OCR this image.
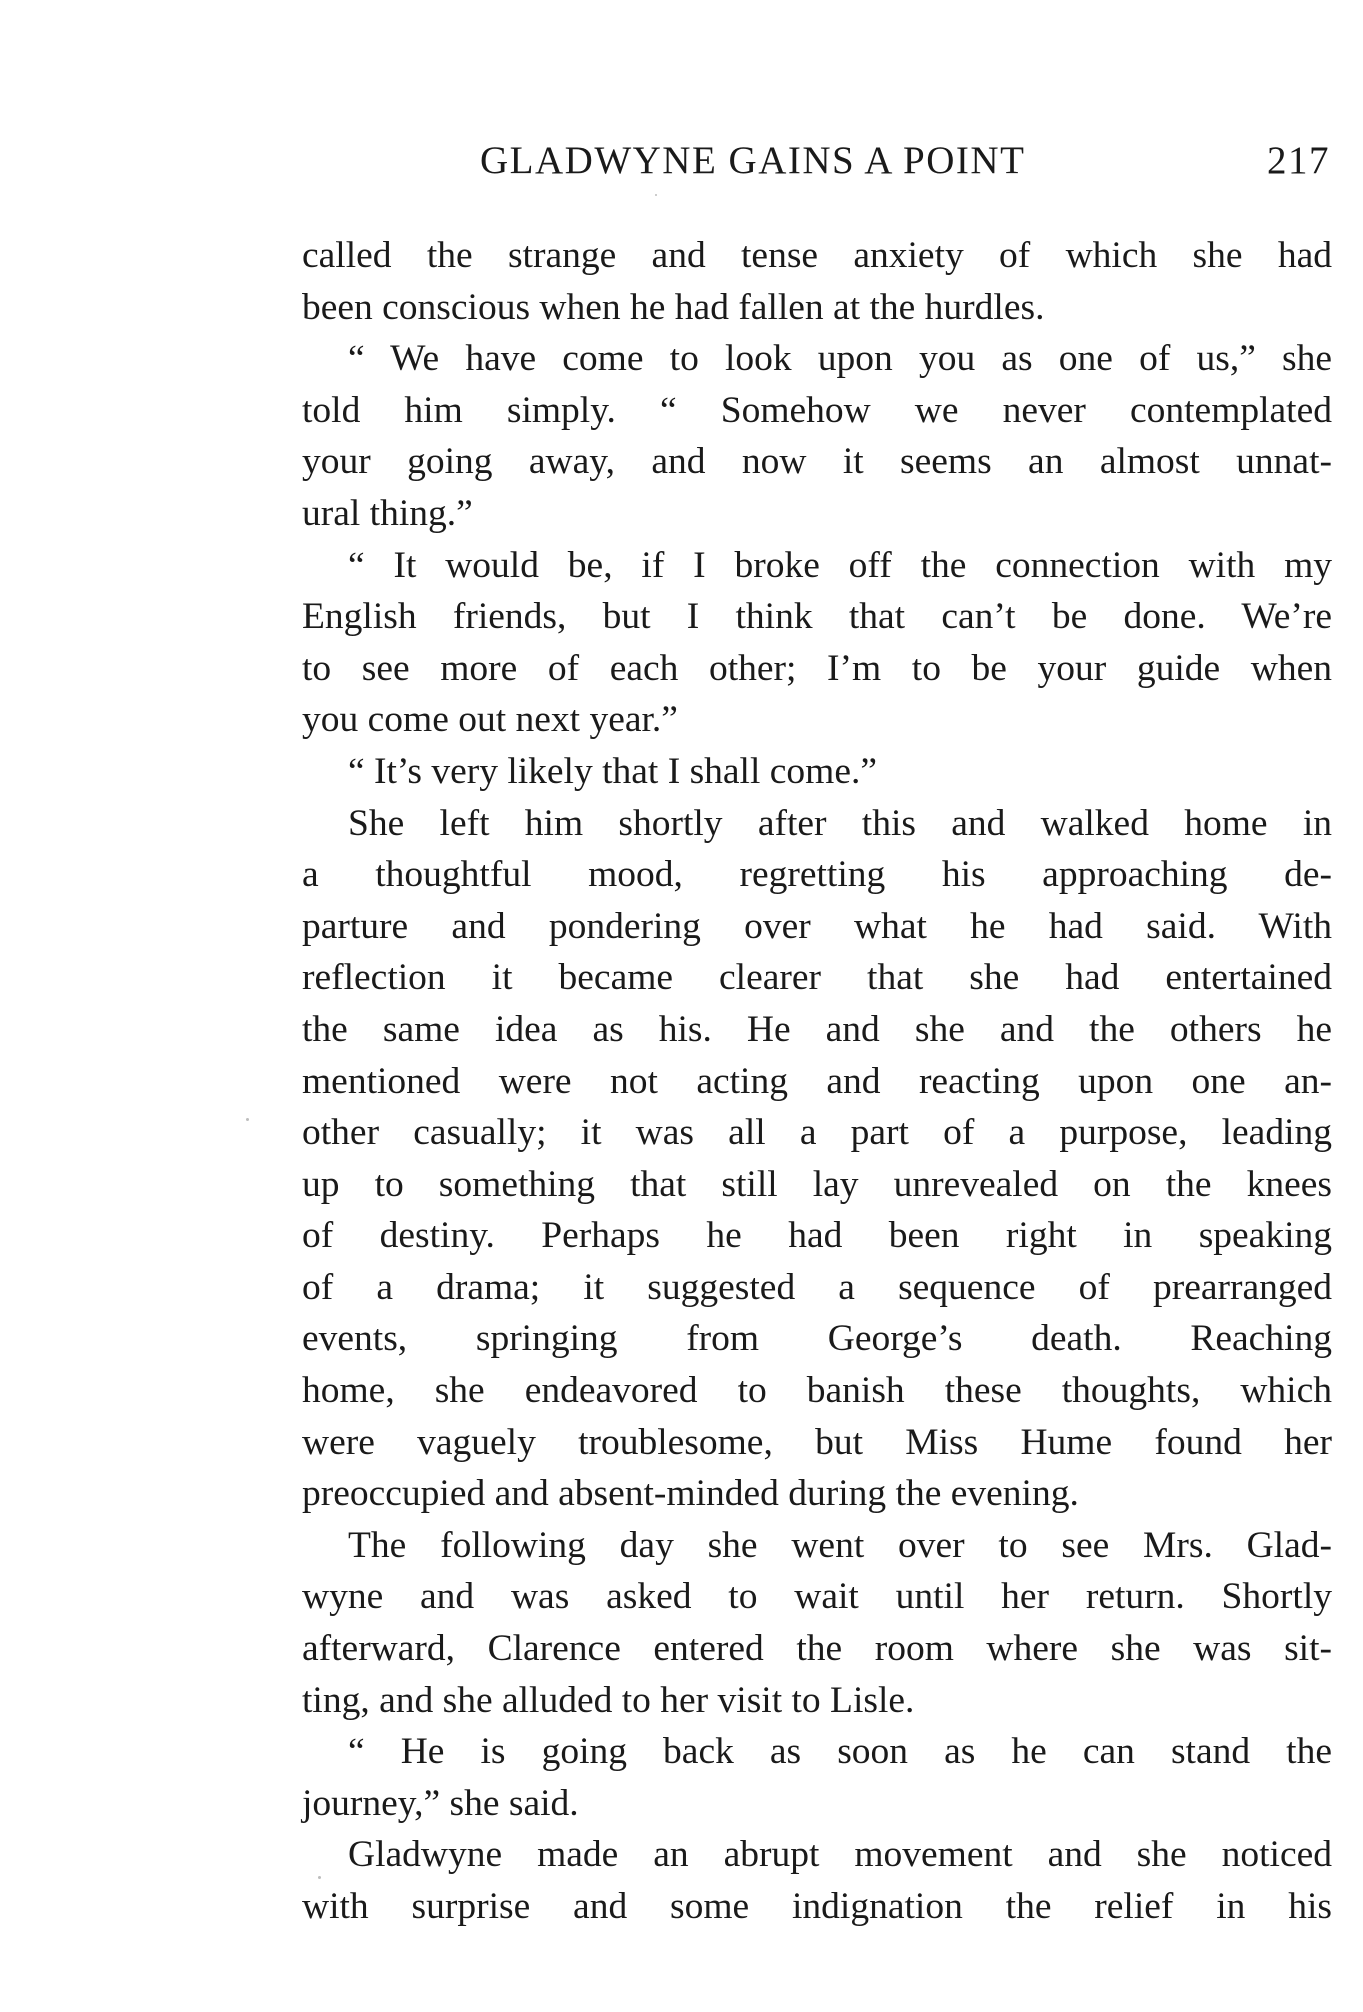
GLADWYNE GAINS A POINT	217
called the strange and tense anxiety of which she had
been conscious when he had fallen at the hurdles.
“ We have come to look upon you as one of us,” she
told him simply. “ Somehow we never contemplated
your going away, and now it seems an almost unnat-
ural thing.”
“ It would be, if I broke off the connection with my
English friends, but I think that can’t be done. We’re
to see more of each other; I’m to be your guide when
you come out next year.”
“ It’s very likely that I shall come.”
She left him shortly after this and walked home in
a thoughtful mood, regretting his approaching de-
parture and pondering over what he had said. With
reflection it became clearer that she had entertained
the same idea as his. He and she and the others he
mentioned were not acting and reacting upon one an-
other casually; it was all a part of a purpose, leading
up to something that still lay unrevealed on the knees
of destiny. Perhaps he had been right in speaking
of a drama; it suggested a sequence of prearranged
events, springing from George’s death. Reaching
home, she endeavored to banish these thoughts, which
were vaguely troublesome, but Miss Hume found her
preoccupied and absent-minded during the evening.
The following day she went over to see Mrs. Glad-
wyne and was asked to wait until her return. Shortly
afterward, Clarence entered the room where she was sit-
ting, and she alluded to her visit to Lisle.
“ He is going back as soon as he can stand the
journey,” she said.
Gladwyne made an abrupt movement and she noticed
with surprise and some indignation the relief in his
